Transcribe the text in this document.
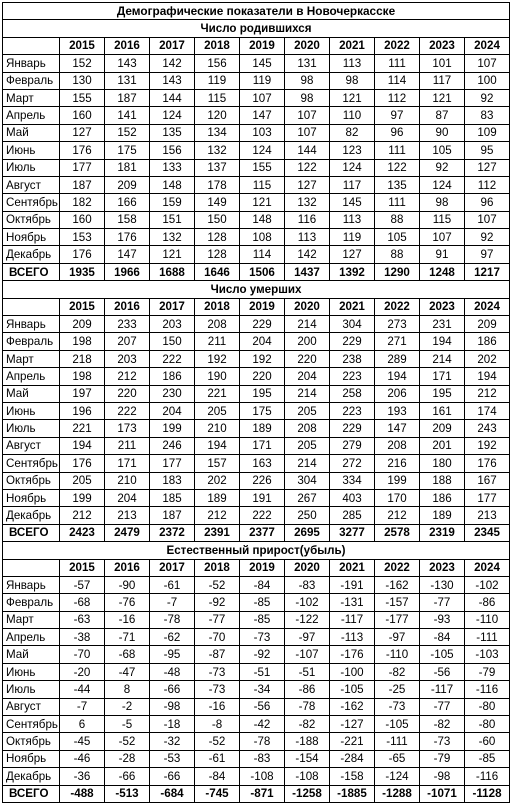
Демографические показатели в Новочеркасске										
Число родившихся										
	2015	2016	2017	2018	2019	2020	2021	2022	2023	2024
Январь	152	143	142	156	145	131	113	111	101	107
Февраль	130	131	143	119	119	98	98	114	117	100
Март	155	187	144	115	107	98	121	112	121	92
Апрель	160	141	124	120	147	107	110	97	87	83
Май	127	152	135	134	103	107	82	96	90	109
Июнь	176	175	156	132	124	144	123	111	105	95
Июль	177	181	133	137	155	122	124	122	92	127
Август	187	209	148	178	115	127	117	135	124	112
Сентябрь	182	166	159	149	121	132	145	111	98	96
Октябрь	160	158	151	150	148	116	113	88	115	107
Ноябрь	153	176	132	128	108	113	119	105	107	92
Декабрь	176	147	121	128	114	142	127	88	91	97
ВСЕГО	1935	1966	1688	1646	1506	1437	1392	1290	1248	1217
Число умерших										
	2015	2016	2017	2018	2019	2020	2021	2022	2023	2024
Январь	209	233	203	208	229	214	304	273	231	209
Февраль	198	207	150	211	204	200	229	271	194	186
Март	218	203	222	192	192	220	238	289	214	202
Апрель	198	212	186	190	220	204	223	194	171	194
Май	197	220	230	221	195	214	258	206	195	212
Июнь	196	222	204	205	175	205	223	193	161	174
Июль	221	173	199	210	189	208	229	147	209	243
Август	194	211	246	194	171	205	279	208	201	192
Сентябрь	176	171	177	157	163	214	272	216	180	176
Октябрь	205	210	183	202	226	304	334	199	188	167
Ноябрь	199	204	185	189	191	267	403	170	186	177
Декабрь	212	213	187	212	222	250	285	212	189	213
ВСЕГО	2423	2479	2372	2391	2377	2695	3277	2578	2319	2345
Естественный прирост(убыль)										
	2015	2016	2017	2018	2019	2020	2021	2022	2023	2024
Январь	-57	-90	-61	-52	-84	-83	-191	-162	-130	-102
Февраль	-68	-76	-7	-92	-85	-102	-131	-157	-77	-86
Март	-63	-16	-78	-77	-85	-122	-117	-177	-93	-110
Апрель	-38	-71	-62	-70	-73	-97	-113	-97	-84	-111
Май	-70	-68	-95	-87	-92	-107	-176	-110	-105	-103
Июнь	-20	-47	-48	-73	-51	-51	-100	-82	-56	-79
Июль	-44	8	-66	-73	-34	-86	-105	-25	-117	-116
Август	-7	-2	-98	-16	-56	-78	-162	-73	-77	-80
Сентябрь	6	-5	-18	-8	-42	-82	-127	-105	-82	-80
Октябрь	-45	-52	-32	-52	-78	-188	-221	-111	-73	-60
Ноябрь	-46	-28	-53	-61	-83	-154	-284	-65	-79	-85
Декабрь	-36	-66	-66	-84	-108	-108	-158	-124	-98	-116
ВСЕГО	-488	-513	-684	-745	-871	-1258	-1885	-1288	-1071	-1128
